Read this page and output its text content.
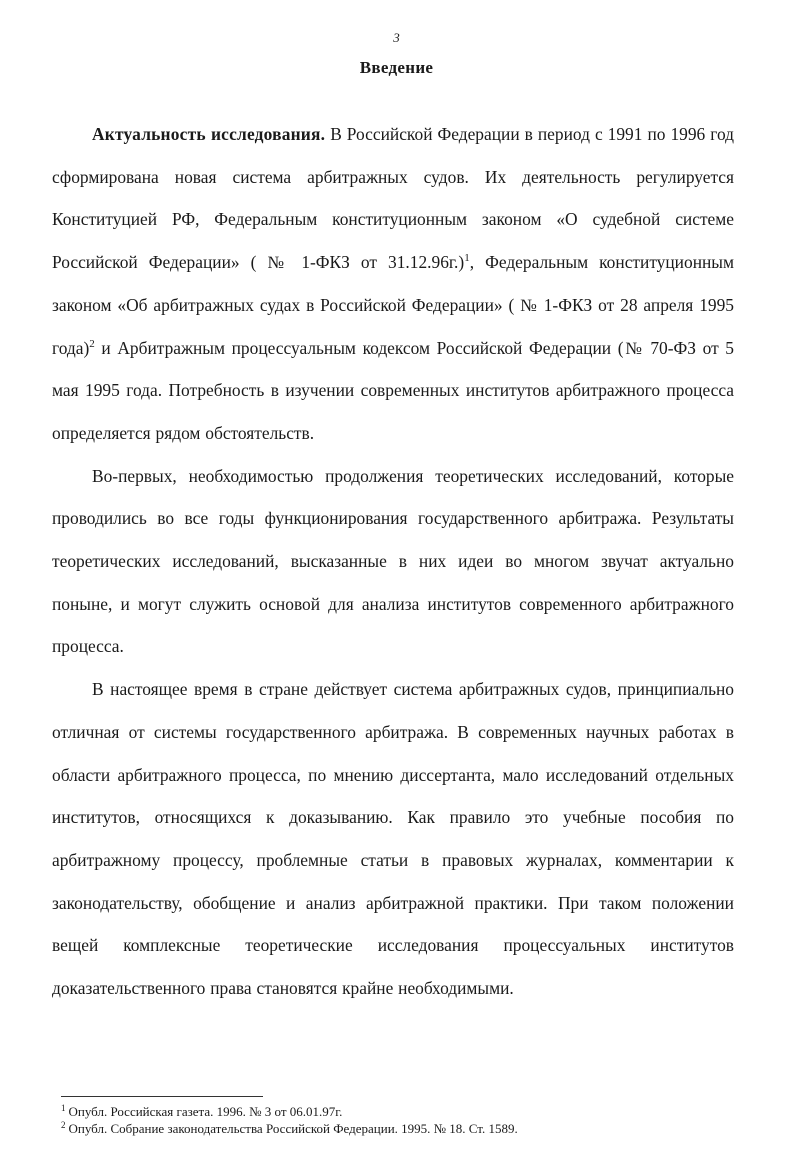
3
Введение

Актуальность исследования. В Российской Федерации в период с 1991 по 1996 год сформирована новая система арбитражных судов. Их деятельность регулируется Конституцией РФ, Федеральным конституционным законом «О судебной системе Российской Федерации» ( № 1-ФКЗ от 31.12.96г.)$^1$, Федеральным конституционным законом «Об арбитражных судах в Российской Федерации» ( № 1-ФКЗ от 28 апреля 1995 года)$^2$ и Арбитражным процессуальным кодексом Российской Федерации (№ 70-ФЗ от 5 мая 1995 года. Потребность в изучении современных институтов арбитражного процесса определяется рядом обстоятельств.

Во-первых, необходимостью продолжения теоретических исследований, которые проводились во все годы функционирования государственного арбитража. Результаты теоретических исследований, высказанные в них идеи во многом звучат актуально поныне, и могут служить основой для анализа институтов современного арбитражного процесса.

В настоящее время в стране действует система арбитражных судов, принципиально отличная от системы государственного арбитража. В современных научных работах в области арбитражного процесса, по мнению диссертанта, мало исследований отдельных институтов, относящихся к доказыванию. Как правило это учебные пособия по арбитражному процессу, проблемные статьи в правовых журналах, комментарии к законодательству, обобщение и анализ арбитражной практики. При таком положении вещей комплексные теоретические исследования процессуальных институтов доказательственного права становятся крайне необходимыми.

$^1$ Опубл. Российская газета. 1996. № 3 от 06.01.97г.
$^2$ Опубл. Собрание законодательства Российской Федерации. 1995. № 18. Ст. 1589.
